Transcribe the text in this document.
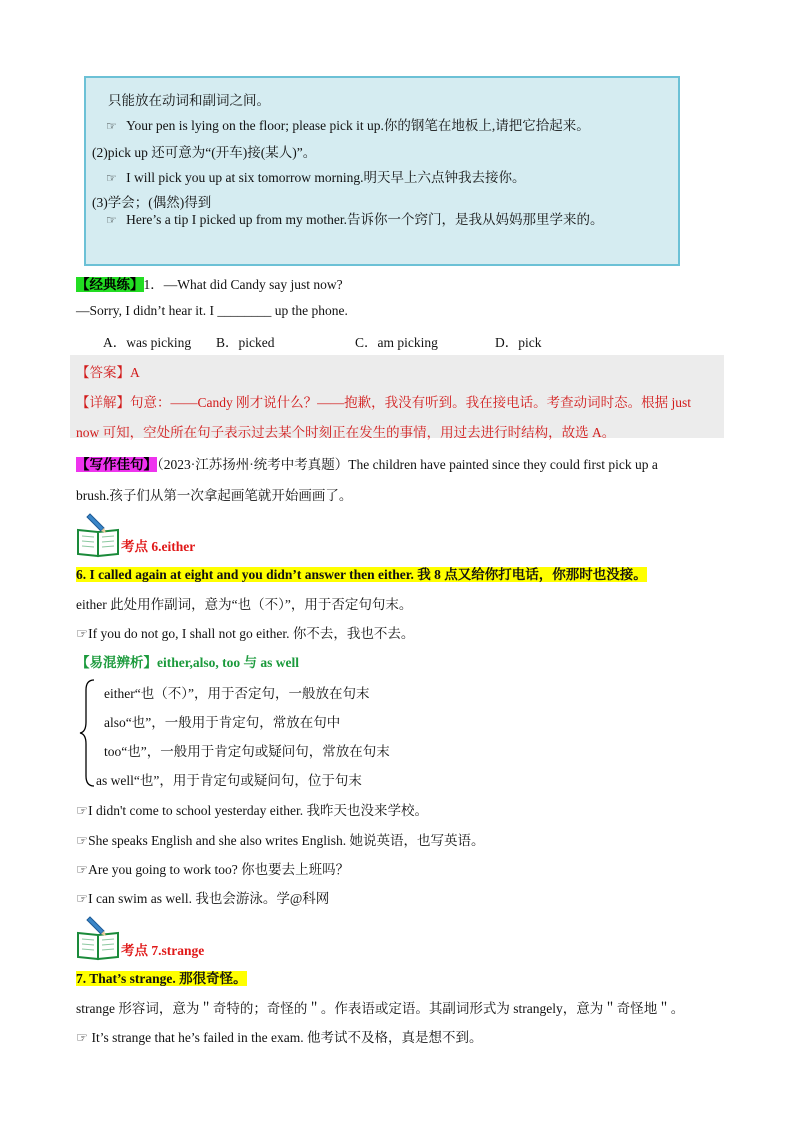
只能放在动词和副词之间。
☞ Your pen is lying on the floor; please pick it up.你的钢笔在地板上,请把它拾起来。
(2)pick up 还可意为“(开车)接(某人)”。
☞ I will pick you up at six tomorrow morning.明天早上六点钟我去接你。
(3)学会；(偶然)得到
☞ Here’s a tip I picked up from my mother.告诉你一个窍门，是我从妈妈那里学来的。
【经典练】1．—What did Candy say just now?
—Sorry, I didn’t hear it. I ________ up the phone.
A．was picking B．picked	C．am picking	D．pick
【答案】A
【详解】句意：——Candy 刚才说什么？——抱歉，我没有听到。我在接电话。考查动词时态。根据 just
now 可知，空处所在句子表示过去某个时刻正在发生的事情，用过去进行时结构，故选 A。
【写作佳句】（2023·江苏扬州·统考中考真题）The children have painted since they could first pick up a
brush.孩子们从第一次拿起画笔就开始画画了。
考点 6.either
6. I called again at eight and you didn’t answer then either. 我 8 点又给你打电话，你那时也没接。
either 此处用作副词，意为“也（不）”，用于否定句句末。
☞If you do not go, I shall not go either. 你不去，我也不去。
【易混辨析】either,also, too 与 as well
either“也（不）”，用于否定句，一般放在句末
also“也”，一般用于肯定句，常放在句中
too“也”，一般用于肯定句或疑问句，常放在句末
as well“也”，用于肯定句或疑问句，位于句末
☞I didn't come to school yesterday either. 我昨天也没来学校。
☞She speaks English and she also writes English. 她说英语，也写英语。
☞Are you going to work too? 你也要去上班吗？
☞I can swim as well. 我也会游泳。学@科网
考点 7.strange
7. That’s strange. 那很奇怪。
strange 形容词，意为＂奇特的；奇怪的＂。作表语或定语。其副词形式为 strangely，意为＂奇怪地＂。
☞ It’s strange that he’s failed in the exam. 他考试不及格，真是想不到。
